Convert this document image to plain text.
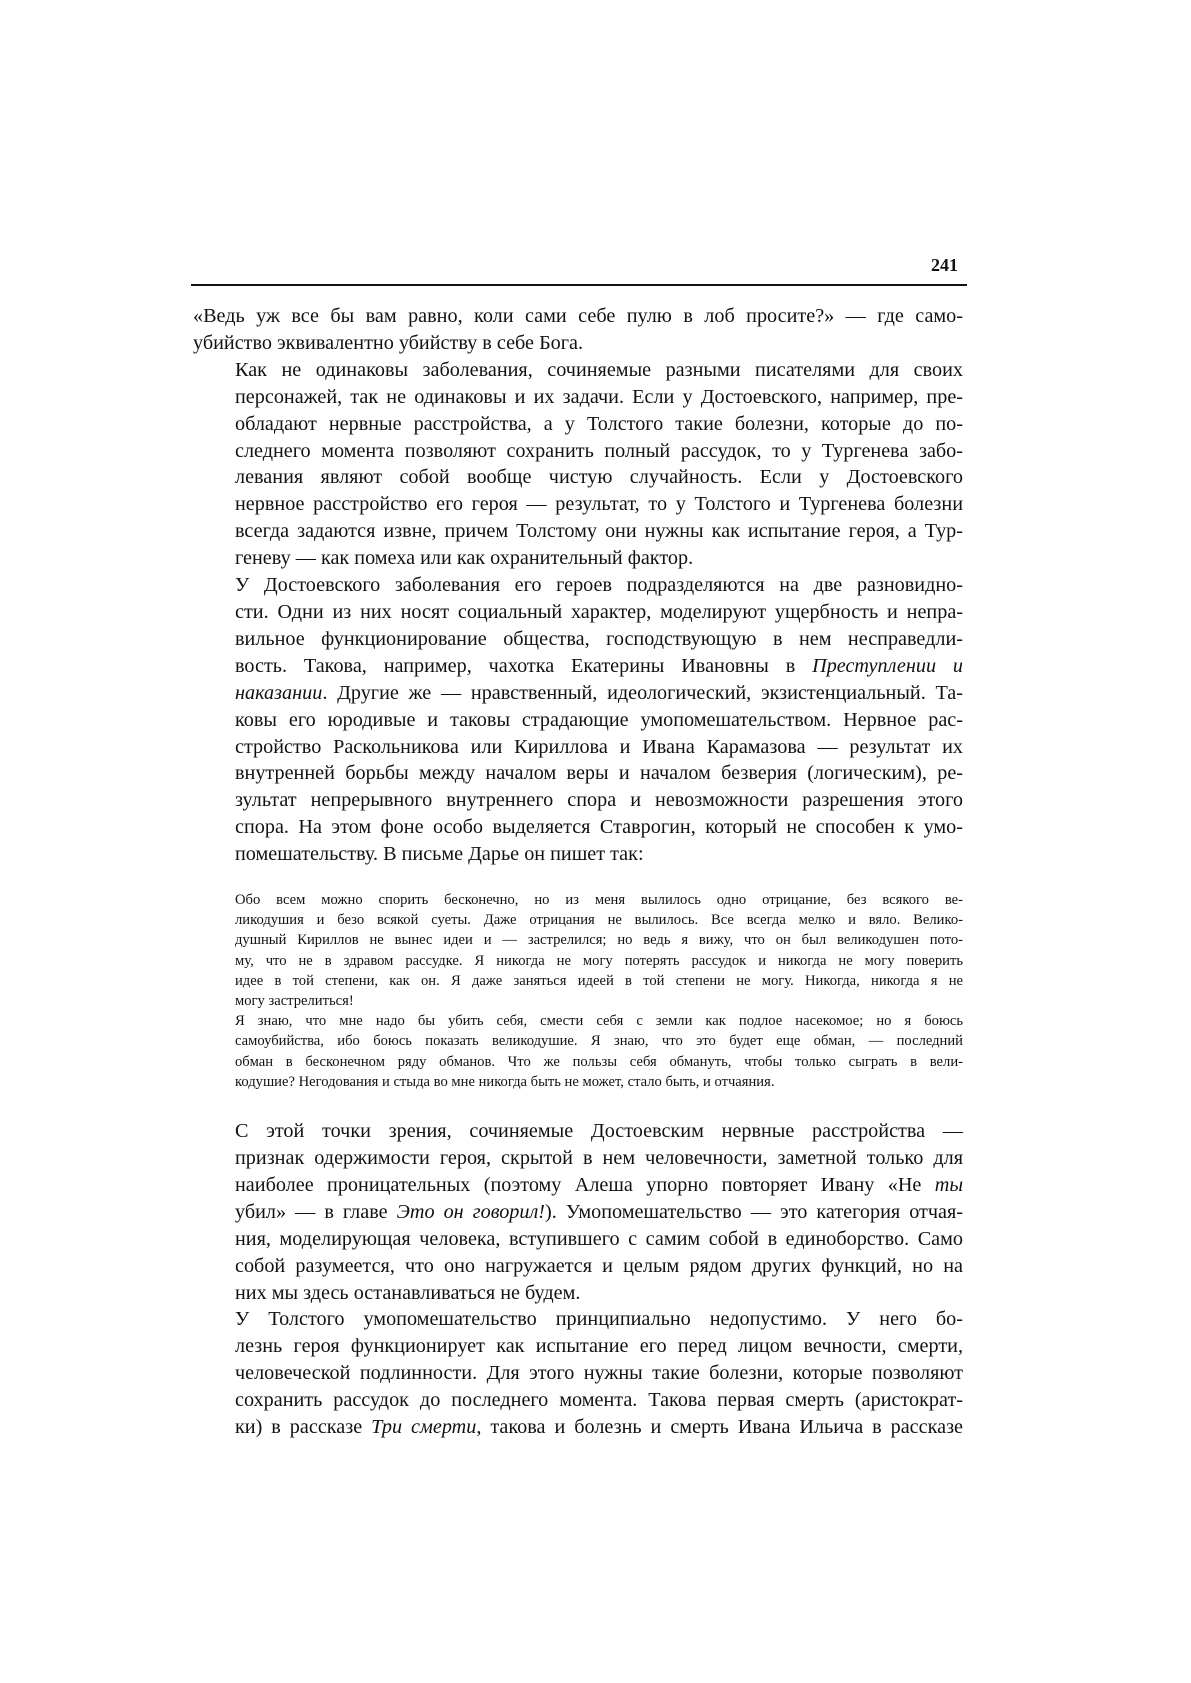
241

«Ведь уж все бы вам равно, коли сами себе пулю в лоб просите?» — где само-
убийство эквивалентно убийству в себе Бога.

Как не одинаковы заболевания, сочиняемые разными писателями для своих
персонажей, так не одинаковы и их задачи. Если у Достоевского, например, пре-
обладают нервные расстройства, а у Толстого такие болезни, которые до по-
следнего момента позволяют сохранить полный рассудок, то у Тургенева забо-
левания являют собой вообще чистую случайность. Если у Достоевского
нервное расстройство его героя — результат, то у Толстого и Тургенева болезни
всегда задаются извне, причем Толстому они нужны как испытание героя, а Тур-
геневу — как помеха или как охранительный фактор.

У Достоевского заболевания его героев подразделяются на две разновидно-
сти. Одни из них носят социальный характер, моделируют ущербность и непра-
вильное функционирование общества, господствующую в нем несправедли-
вость. Такова, например, чахотка Екатерины Ивановны в Преступлении и
наказании. Другие же — нравственный, идеологический, экзистенциальный. Та-
ковы его юродивые и таковы страдающие умопомешательством. Нервное рас-
стройство Раскольникова или Кириллова и Ивана Карамазова — результат их
внутренней борьбы между началом веры и началом безверия (логическим), ре-
зультат непрерывного внутреннего спора и невозможности разрешения этого
спора. На этом фоне особо выделяется Ставрогин, который не способен к умо-
помешательству. В письме Дарье он пишет так:

Обо всем можно спорить бесконечно, но из меня вылилось одно отрицание, без всякого ве-
ликодушия и безо всякой суеты. Даже отрицания не вылилось. Все всегда мелко и вяло. Велико-
душный Кириллов не вынес идеи и — застрелился; но ведь я вижу, что он был великодушен пото-
му, что не в здравом рассудке. Я никогда не могу потерять рассудок и никогда не могу поверить
идее в той степени, как он. Я даже заняться идеей в той степени не могу. Никогда, никогда я не
могу застрелиться!

Я знаю, что мне надо бы убить себя, смести себя с земли как подлое насекомое; но я боюсь
самоубийства, ибо боюсь показать великодушие. Я знаю, что это будет еще обман, — последний
обман в бесконечном ряду обманов. Что же пользы себя обмануть, чтобы только сыграть в вели-
кодушие? Негодования и стыда во мне никогда быть не может, стало быть, и отчаяния.

С этой точки зрения, сочиняемые Достоевским нервные расстройства —
признак одержимости героя, скрытой в нем человечности, заметной только для
наиболее проницательных (поэтому Алеша упорно повторяет Ивану «Не ты
убил» — в главе Это он говорил!). Умопомешательство — это категория отчая-
ния, моделирующая человека, вступившего с самим собой в единоборство. Само
собой разумеется, что оно нагружается и целым рядом других функций, но на
них мы здесь останавливаться не будем.

У Толстого умопомешательство принципиально недопустимо. У него бо-
лезнь героя функционирует как испытание его перед лицом вечности, смерти,
человеческой подлинности. Для этого нужны такие болезни, которые позволяют
сохранить рассудок до последнего момента. Такова первая смерть (аристократ-
ки) в рассказе Три смерти, такова и болезнь и смерть Ивана Ильича в рассказе
